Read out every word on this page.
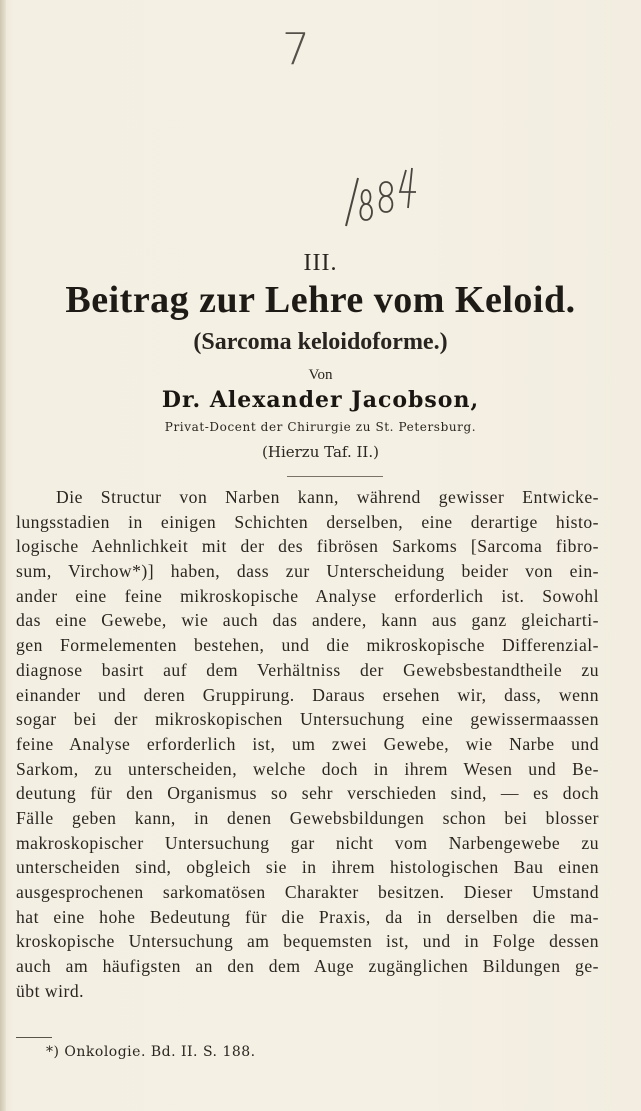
7
III.
Beitrag zur Lehre vom Keloid.
(Sarcoma keloidoforme.)
Von
Dr. Alexander Jacobson,
Privat-Docent der Chirurgie zu St. Petersburg.
(Hierzu Taf. II.)
Die Structur von Narben kann, während gewisser Entwicke-
lungsstadien in einigen Schichten derselben, eine derartige histo-
logische Aehnlichkeit mit der des fibrösen Sarkoms [Sarcoma fibro-
sum, Virchow*)] haben, dass zur Unterscheidung beider von ein-
ander eine feine mikroskopische Analyse erforderlich ist. Sowohl
das eine Gewebe, wie auch das andere, kann aus ganz gleicharti-
gen Formelementen bestehen, und die mikroskopische Differenzial-
diagnose basirt auf dem Verhältniss der Gewebsbestandtheile zu
einander und deren Gruppirung. Daraus ersehen wir, dass, wenn
sogar bei der mikroskopischen Untersuchung eine gewissermaassen
feine Analyse erforderlich ist, um zwei Gewebe, wie Narbe und
Sarkom, zu unterscheiden, welche doch in ihrem Wesen und Be-
deutung für den Organismus so sehr verschieden sind, — es doch
Fälle geben kann, in denen Gewebsbildungen schon bei blosser
makroskopischer Untersuchung gar nicht vom Narbengewebe zu
unterscheiden sind, obgleich sie in ihrem histologischen Bau einen
ausgesprochenen sarkomatösen Charakter besitzen. Dieser Umstand
hat eine hohe Bedeutung für die Praxis, da in derselben die ma-
kroskopische Untersuchung am bequemsten ist, und in Folge dessen
auch am häufigsten an den dem Auge zugänglichen Bildungen ge-
übt wird.
*) Onkologie. Bd. II. S. 188.
